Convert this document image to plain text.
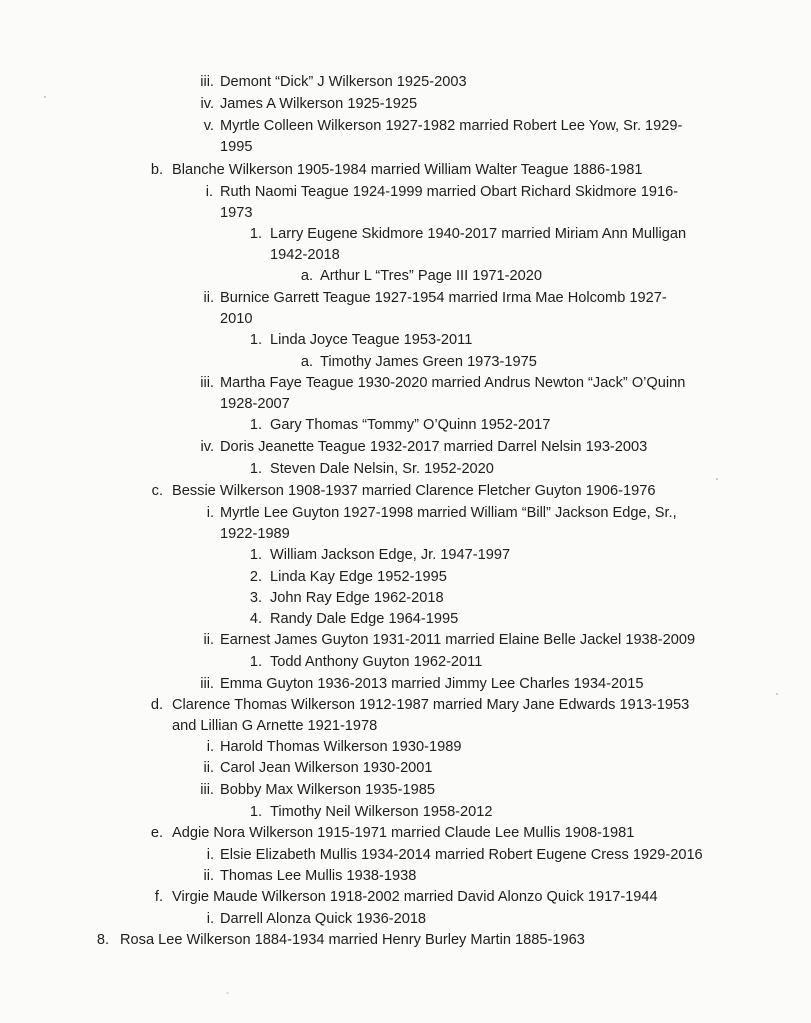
iii. Demont “Dick” J Wilkerson 1925-2003
iv. James A Wilkerson 1925-1925
v. Myrtle Colleen Wilkerson 1927-1982 married Robert Lee Yow, Sr. 1929-
1995
b. Blanche Wilkerson 1905-1984 married William Walter Teague 1886-1981
i. Ruth Naomi Teague 1924-1999 married Obart Richard Skidmore 1916-
1973
1. Larry Eugene Skidmore 1940-2017 married Miriam Ann Mulligan
1942-2018
a. Arthur L “Tres” Page III 1971-2020
ii. Burnice Garrett Teague 1927-1954 married Irma Mae Holcomb 1927-
2010
1. Linda Joyce Teague 1953-2011
a. Timothy James Green 1973-1975
iii. Martha Faye Teague 1930-2020 married Andrus Newton “Jack” O’Quinn
1928-2007
1. Gary Thomas “Tommy” O’Quinn 1952-2017
iv. Doris Jeanette Teague 1932-2017 married Darrel Nelsin 193-2003
1. Steven Dale Nelsin, Sr. 1952-2020
c. Bessie Wilkerson 1908-1937 married Clarence Fletcher Guyton 1906-1976
i. Myrtle Lee Guyton 1927-1998 married William “Bill” Jackson Edge, Sr.,
1922-1989
1. William Jackson Edge, Jr. 1947-1997
2. Linda Kay Edge 1952-1995
3. John Ray Edge 1962-2018
4. Randy Dale Edge 1964-1995
ii. Earnest James Guyton 1931-2011 married Elaine Belle Jackel 1938-2009
1. Todd Anthony Guyton 1962-2011
iii. Emma Guyton 1936-2013 married Jimmy Lee Charles 1934-2015
d. Clarence Thomas Wilkerson 1912-1987 married Mary Jane Edwards 1913-1953
and Lillian G Arnette 1921-1978
i. Harold Thomas Wilkerson 1930-1989
ii. Carol Jean Wilkerson 1930-2001
iii. Bobby Max Wilkerson 1935-1985
1. Timothy Neil Wilkerson 1958-2012
e. Adgie Nora Wilkerson 1915-1971 married Claude Lee Mullis 1908-1981
i. Elsie Elizabeth Mullis 1934-2014 married Robert Eugene Cress 1929-2016
ii. Thomas Lee Mullis 1938-1938
f. Virgie Maude Wilkerson 1918-2002 married David Alonzo Quick 1917-1944
i. Darrell Alonza Quick 1936-2018
8. Rosa Lee Wilkerson 1884-1934 married Henry Burley Martin 1885-1963
